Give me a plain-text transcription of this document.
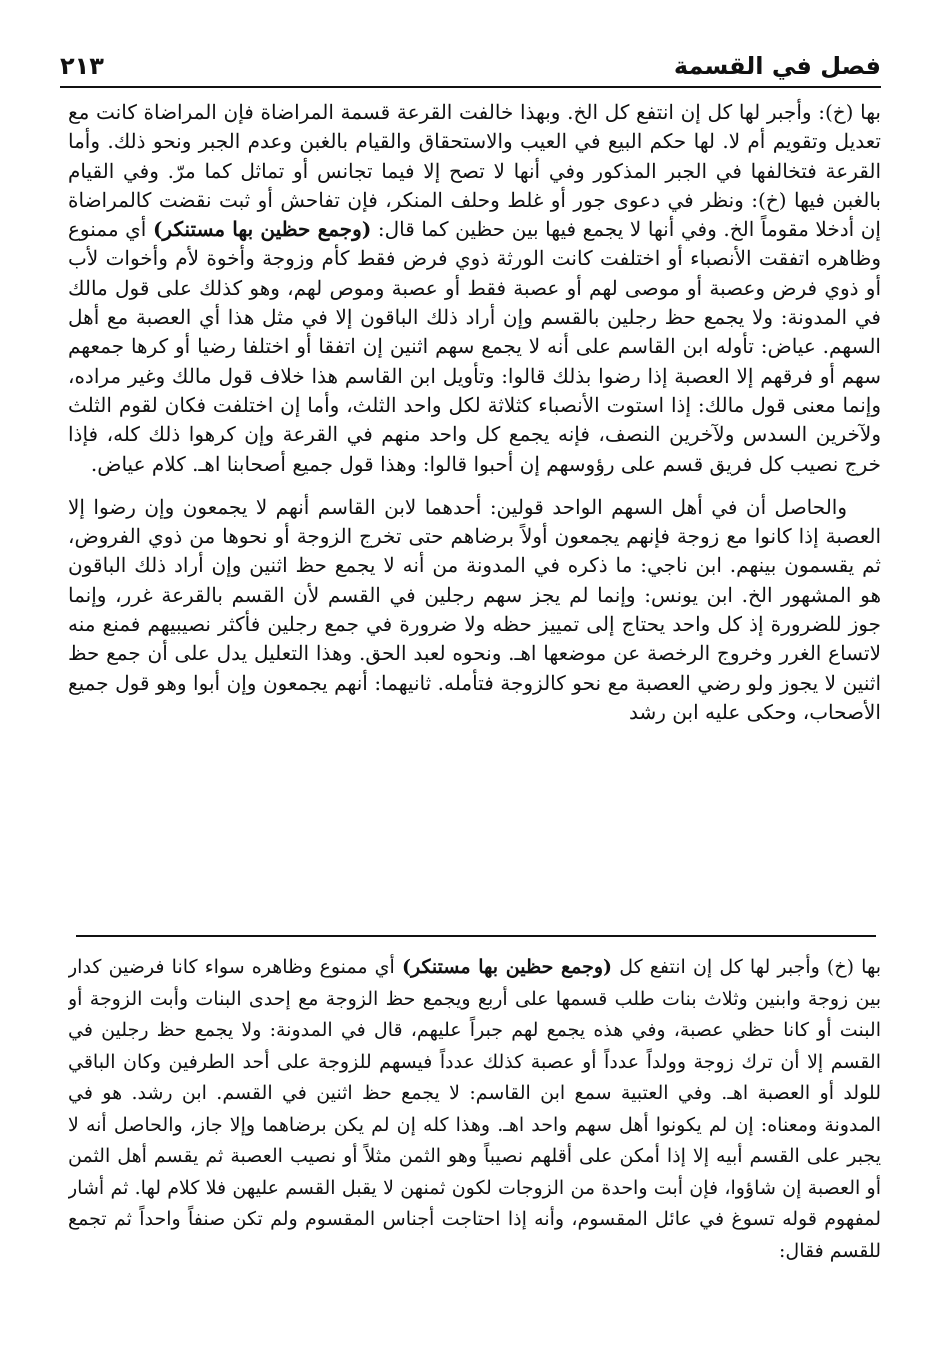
فصل في القسمة
٢١٣

بها (خ): وأجبر لها كل إن انتفع كل الخ. وبهذا خالفت القرعة قسمة المراضاة فإن المراضاة كانت مع تعديل وتقويم أم لا. لها حكم البيع في العيب والاستحقاق والقيام بالغبن وعدم الجبر ونحو ذلك. وأما القرعة فتخالفها في الجبر المذكور وفي أنها لا تصح إلا فيما تجانس أو تماثل كما مرّ. وفي القيام بالغبن فيها (خ): ونظر في دعوى جور أو غلط وحلف المنكر، فإن تفاحش أو ثبت نقضت كالمراضاة إن أدخلا مقوماً الخ. وفي أنها لا يجمع فيها بين حظين كما قال: (وجمع حظين بها مستنكر) أي ممنوع وظاهره اتفقت الأنصباء أو اختلفت كانت الورثة ذوي فرض فقط كأم وزوجة وأخوة لأم وأخوات لأب أو ذوي فرض وعصبة أو موصى لهم أو عصبة فقط أو عصبة وموص لهم، وهو كذلك على قول مالك في المدونة: ولا يجمع حظ رجلين بالقسم وإن أراد ذلك الباقون إلا في مثل هذا أي العصبة مع أهل السهم. عياض: تأوله ابن القاسم على أنه لا يجمع سهم اثنين إن اتفقا أو اختلفا رضيا أو كرها جمعهم سهم أو فرقهم إلا العصبة إذا رضوا بذلك قالوا: وتأويل ابن القاسم هذا خلاف قول مالك وغير مراده، وإنما معنى قول مالك: إذا استوت الأنصباء كثلاثة لكل واحد الثلث، وأما إن اختلفت فكان لقوم الثلث ولآخرين السدس ولآخرين النصف، فإنه يجمع كل واحد منهم في القرعة وإن كرهوا ذلك كله، فإذا خرج نصيب كل فريق قسم على رؤوسهم إن أحبوا قالوا: وهذا قول جميع أصحابنا اهـ. كلام عياض.

والحاصل أن في أهل السهم الواحد قولين: أحدهما لابن القاسم أنهم لا يجمعون وإن رضوا إلا العصبة إذا كانوا مع زوجة فإنهم يجمعون أولاً برضاهم حتى تخرج الزوجة أو نحوها من ذوي الفروض، ثم يقسمون بينهم. ابن ناجي: ما ذكره في المدونة من أنه لا يجمع حظ اثنين وإن أراد ذلك الباقون هو المشهور الخ. ابن يونس: وإنما لم يجز سهم رجلين في القسم لأن القسم بالقرعة غرر، وإنما جوز للضرورة إذ كل واحد يحتاج إلى تمييز حظه ولا ضرورة في جمع رجلين فأكثر نصيبيهم فمنع منه لاتساع الغرر وخروج الرخصة عن موضعها اهـ. ونحوه لعبد الحق. وهذا التعليل يدل على أن جمع حظ اثنين لا يجوز ولو رضي العصبة مع نحو كالزوجة فتأمله. ثانيهما: أنهم يجمعون وإن أبوا وهو قول جميع الأصحاب، وحكى عليه ابن رشد

بها (خ) وأجبر لها كل إن انتفع كل (وجمع حظين بها مستنكر) أي ممنوع وظاهره سواء كانا فرضين كدار بين زوجة وابنين وثلاث بنات طلب قسمها على أربع ويجمع حظ الزوجة مع إحدى البنات وأبت الزوجة أو البنت أو كانا حظي عصبة، وفي هذه يجمع لهم جبراً عليهم، قال في المدونة: ولا يجمع حظ رجلين في القسم إلا أن ترك زوجة وولداً عدداً أو عصبة كذلك عدداً فيسهم للزوجة على أحد الطرفين وكان الباقي للولد أو العصبة اهـ. وفي العتبية سمع ابن القاسم: لا يجمع حظ اثنين في القسم. ابن رشد. هو في المدونة ومعناه: إن لم يكونوا أهل سهم واحد اهـ. وهذا كله إن لم يكن برضاهما وإلا جاز، والحاصل أنه لا يجبر على القسم أبيه إلا إذا أمكن على أقلهم نصيباً وهو الثمن مثلاً أو نصيب العصبة ثم يقسم أهل الثمن أو العصبة إن شاؤوا، فإن أبت واحدة من الزوجات لكون ثمنهن لا يقبل القسم عليهن فلا كلام لها. ثم أشار لمفهوم قوله تسوغ في عائل المقسوم، وأنه إذا احتاجت أجناس المقسوم ولم تكن صنفاً واحداً ثم تجمع للقسم فقال:
